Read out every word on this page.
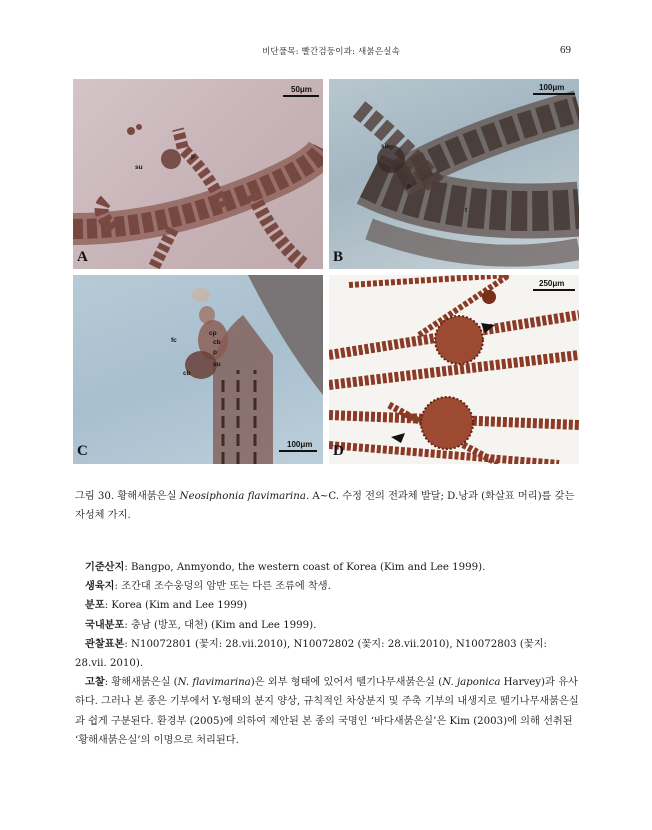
비단풀목: 빨간검둥이과: 새붉은실속	69
50μm
su
p
A
100μm
su
p
t
B
fc
cp
cb
p
su
cb
100μm
C
250μm
D
그림 30. 황해새붉은실 Neosiphonia flavimarina. A~C. 수정 전의 전과체 발달; D.낭과 (화살표 머리)를 갖는 자성체 가지.

기준산지: Bangpo, Anmyondo, the western coast of Korea (Kim and Lee 1999).

생육지: 조간대 조수웅덩의 암반 또는 다른 조류에 착생.

분포: Korea (Kim and Lee 1999)

국내분포: 충남 (방포, 대천) (Kim and Lee 1999).

관찰표본: N10072801 (꽃지: 28.vii.2010), N10072802 (꽃지: 28.vii.2010), N10072803 (꽃지: 28.vii. 2010).

고찰: 황해새붉은실 (N. flavimarina)은 외부 형태에 있어서 뗄기나무새붉은실 (N. japonica Harvey)과 유사하다. 그러나 본 종은 기부에서 Y-형태의 분지 양상, 규칙적인 차상분지 및 주축 기부의 내생지로 뗄기나무새붉은실과 쉽게 구분된다. 환경부 (2005)에 의하여 제안된 본 종의 국명인 ‘바다새붉은실’은 Kim (2003)에 의해 선취된 ‘황해새붉은실’의 이명으로 처리된다.
